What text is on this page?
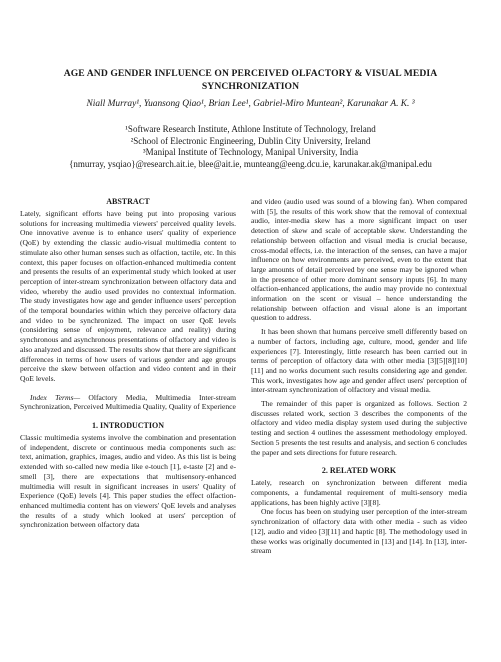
AGE AND GENDER INFLUENCE ON PERCEIVED OLFACTORY & VISUAL MEDIA
SYNCHRONIZATION
Niall Murray¹, Yuansong Qiao¹, Brian Lee¹, Gabriel-Miro Muntean², Karunakar A. K. ³
¹Software Research Institute, Athlone Institute of Technology, Ireland
²School of Electronic Engineering, Dublin City University, Ireland
³Manipal Institute of Technology, Manipal University, India
{nmurray, ysqiao}@research.ait.ie, blee@ait.ie, munteang@eeng.dcu.ie, karunakar.ak@manipal.edu
ABSTRACT

Lately, significant efforts have being put into proposing various solutions for increasing multimedia viewers' perceived quality levels. One innovative avenue is to enhance users' quality of experience (QoE) by extending the classic audio-visual multimedia content to stimulate also other human senses such as olfaction, tactile, etc. In this context, this paper focuses on olfaction-enhanced multimedia content and presents the results of an experimental study which looked at user perception of inter-stream synchronization between olfactory data and video, whereby the audio used provides no contextual information. The study investigates how age and gender influence users' perception of the temporal boundaries within which they perceive olfactory data and video to be synchronized. The impact on user QoE levels (considering sense of enjoyment, relevance and reality) during synchronous and asynchronous presentations of olfactory and video is also analyzed and discussed. The results show that there are significant differences in terms of how users of various gender and age groups perceive the skew between olfaction and video content and in their QoE levels.

Index Terms— Olfactory Media, Multimedia Inter-stream Synchronization, Perceived Multimedia Quality, Quality of Experience

1. INTRODUCTION

Classic multimedia systems involve the combination and presentation of independent, discrete or continuous media components such as: text, animation, graphics, images, audio and video. As this list is being extended with so-called new media like e-touch [1], e-taste [2] and e-smell [3], there are expectations that multisensory-enhanced multimedia will result in significant increases in users' Quality of Experience (QoE) levels [4]. This paper studies the effect olfaction-enhanced multimedia content has on viewers' QoE levels and analyses the results of a study which looked at users' perception of synchronization between olfactory data

and video (audio used was sound of a blowing fan). When compared with [5], the results of this work show that the removal of contextual audio, inter-media skew has a more significant impact on user detection of skew and scale of acceptable skew. Understanding the relationship between olfaction and visual media is crucial because, cross-modal effects, i.e. the interaction of the senses, can have a major influence on how environments are perceived, even to the extent that large amounts of detail perceived by one sense may be ignored when in the presence of other more dominant sensory inputs [6]. In many olfaction-enhanced applications, the audio may provide no contextual information on the scent or visual – hence understanding the relationship between olfaction and visual alone is an important question to address.

It has been shown that humans perceive smell differently based on a number of factors, including age, culture, mood, gender and life experiences [7]. Interestingly, little research has been carried out in terms of perception of olfactory data with other media [3][5][8][10][11] and no works document such results considering age and gender. This work, investigates how age and gender affect users' perception of inter-stream synchronization of olfactory and visual media.

The remainder of this paper is organized as follows. Section 2 discusses related work, section 3 describes the components of the olfactory and video media display system used during the subjective testing and section 4 outlines the assessment methodology employed. Section 5 presents the test results and analysis, and section 6 concludes the paper and sets directions for future research.

2. RELATED WORK

Lately, research on synchronization between different media components, a fundamental requirement of multi-sensory media applications, has been highly active [3][8].

One focus has been on studying user perception of the inter-stream synchronization of olfactory data with other media - such as video [12], audio and video [3][11] and haptic [8]. The methodology used in these works was originally documented in [13] and [14]. In [13], inter-stream
